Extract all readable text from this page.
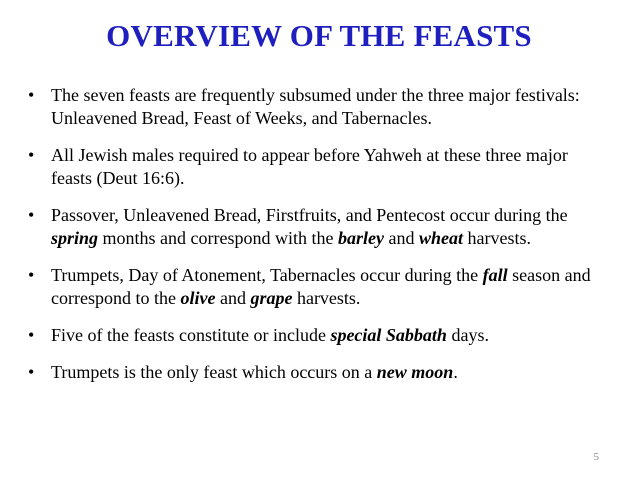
OVERVIEW OF THE FEASTS
• The seven feasts are frequently subsumed under the three major festivals: Unleavened Bread, Feast of Weeks, and Tabernacles.
• All Jewish males required to appear before Yahweh at these three major feasts (Deut 16:6).
• Passover, Unleavened Bread, Firstfruits, and Pentecost occur during the spring months and correspond with the barley and wheat harvests.
• Trumpets, Day of Atonement, Tabernacles occur during the fall season and correspond to the olive and grape harvests.
• Five of the feasts constitute or include special Sabbath days.
• Trumpets is the only feast which occurs on a new moon.
5
